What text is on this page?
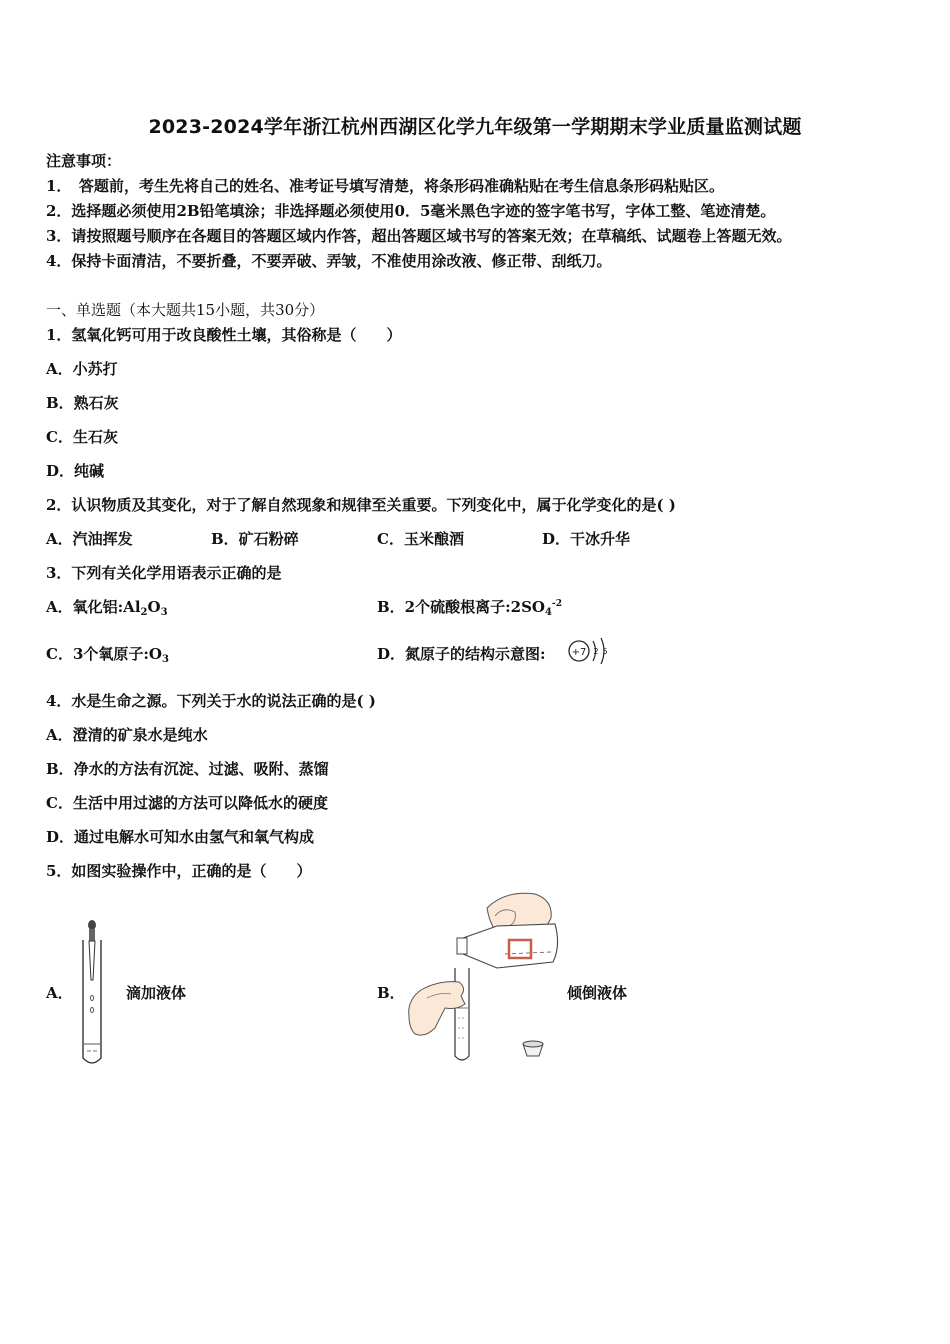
2023-2024学年浙江杭州西湖区化学九年级第一学期期末学业质量监测试题
注意事项：
1．　答题前，考生先将自己的姓名、准考证号填写清楚，将条形码准确粘贴在考生信息条形码粘贴区。
2．选择题必须使用2B铅笔填涂；非选择题必须使用0．5毫米黑色字迹的签字笔书写，字体工整、笔迹清楚。
3．请按照题号顺序在各题目的答题区域内作答，超出答题区域书写的答案无效；在草稿纸、试题卷上答题无效。
4．保持卡面清洁，不要折叠，不要弄破、弄皱，不准使用涂改液、修正带、刮纸刀。
一、单选题（本大题共15小题，共30分）
1．氢氧化钙可用于改良酸性土壤，其俗称是（　　）
A．小苏打
B．熟石灰
C．生石灰
D．纯碱
2．认识物质及其变化，对于了解自然现象和规律至关重要。下列变化中，属于化学变化的是( )
A．汽油挥发	B．矿石粉碎	C．玉米酿酒	D．干冰升华
3．下列有关化学用语表示正确的是
A．氧化铝$:Al_2O_3$	B．2个硫酸根离子$:2SO_4^{-2}$
C．3个氧原子$:O_3$	D．氮原子的结构示意图:	+7 2 5
4．水是生命之源。下列关于水的说法正确的是( )
A．澄清的矿泉水是纯水
B．净水的方法有沉淀、过滤、吸附、蒸馏
C．生活中用过滤的方法可以降低水的硬度
D．通过电解水可知水由氢气和氧气构成
5．如图实验操作中，正确的是（　　）
A．	滴加液体	B．	倾倒液体
